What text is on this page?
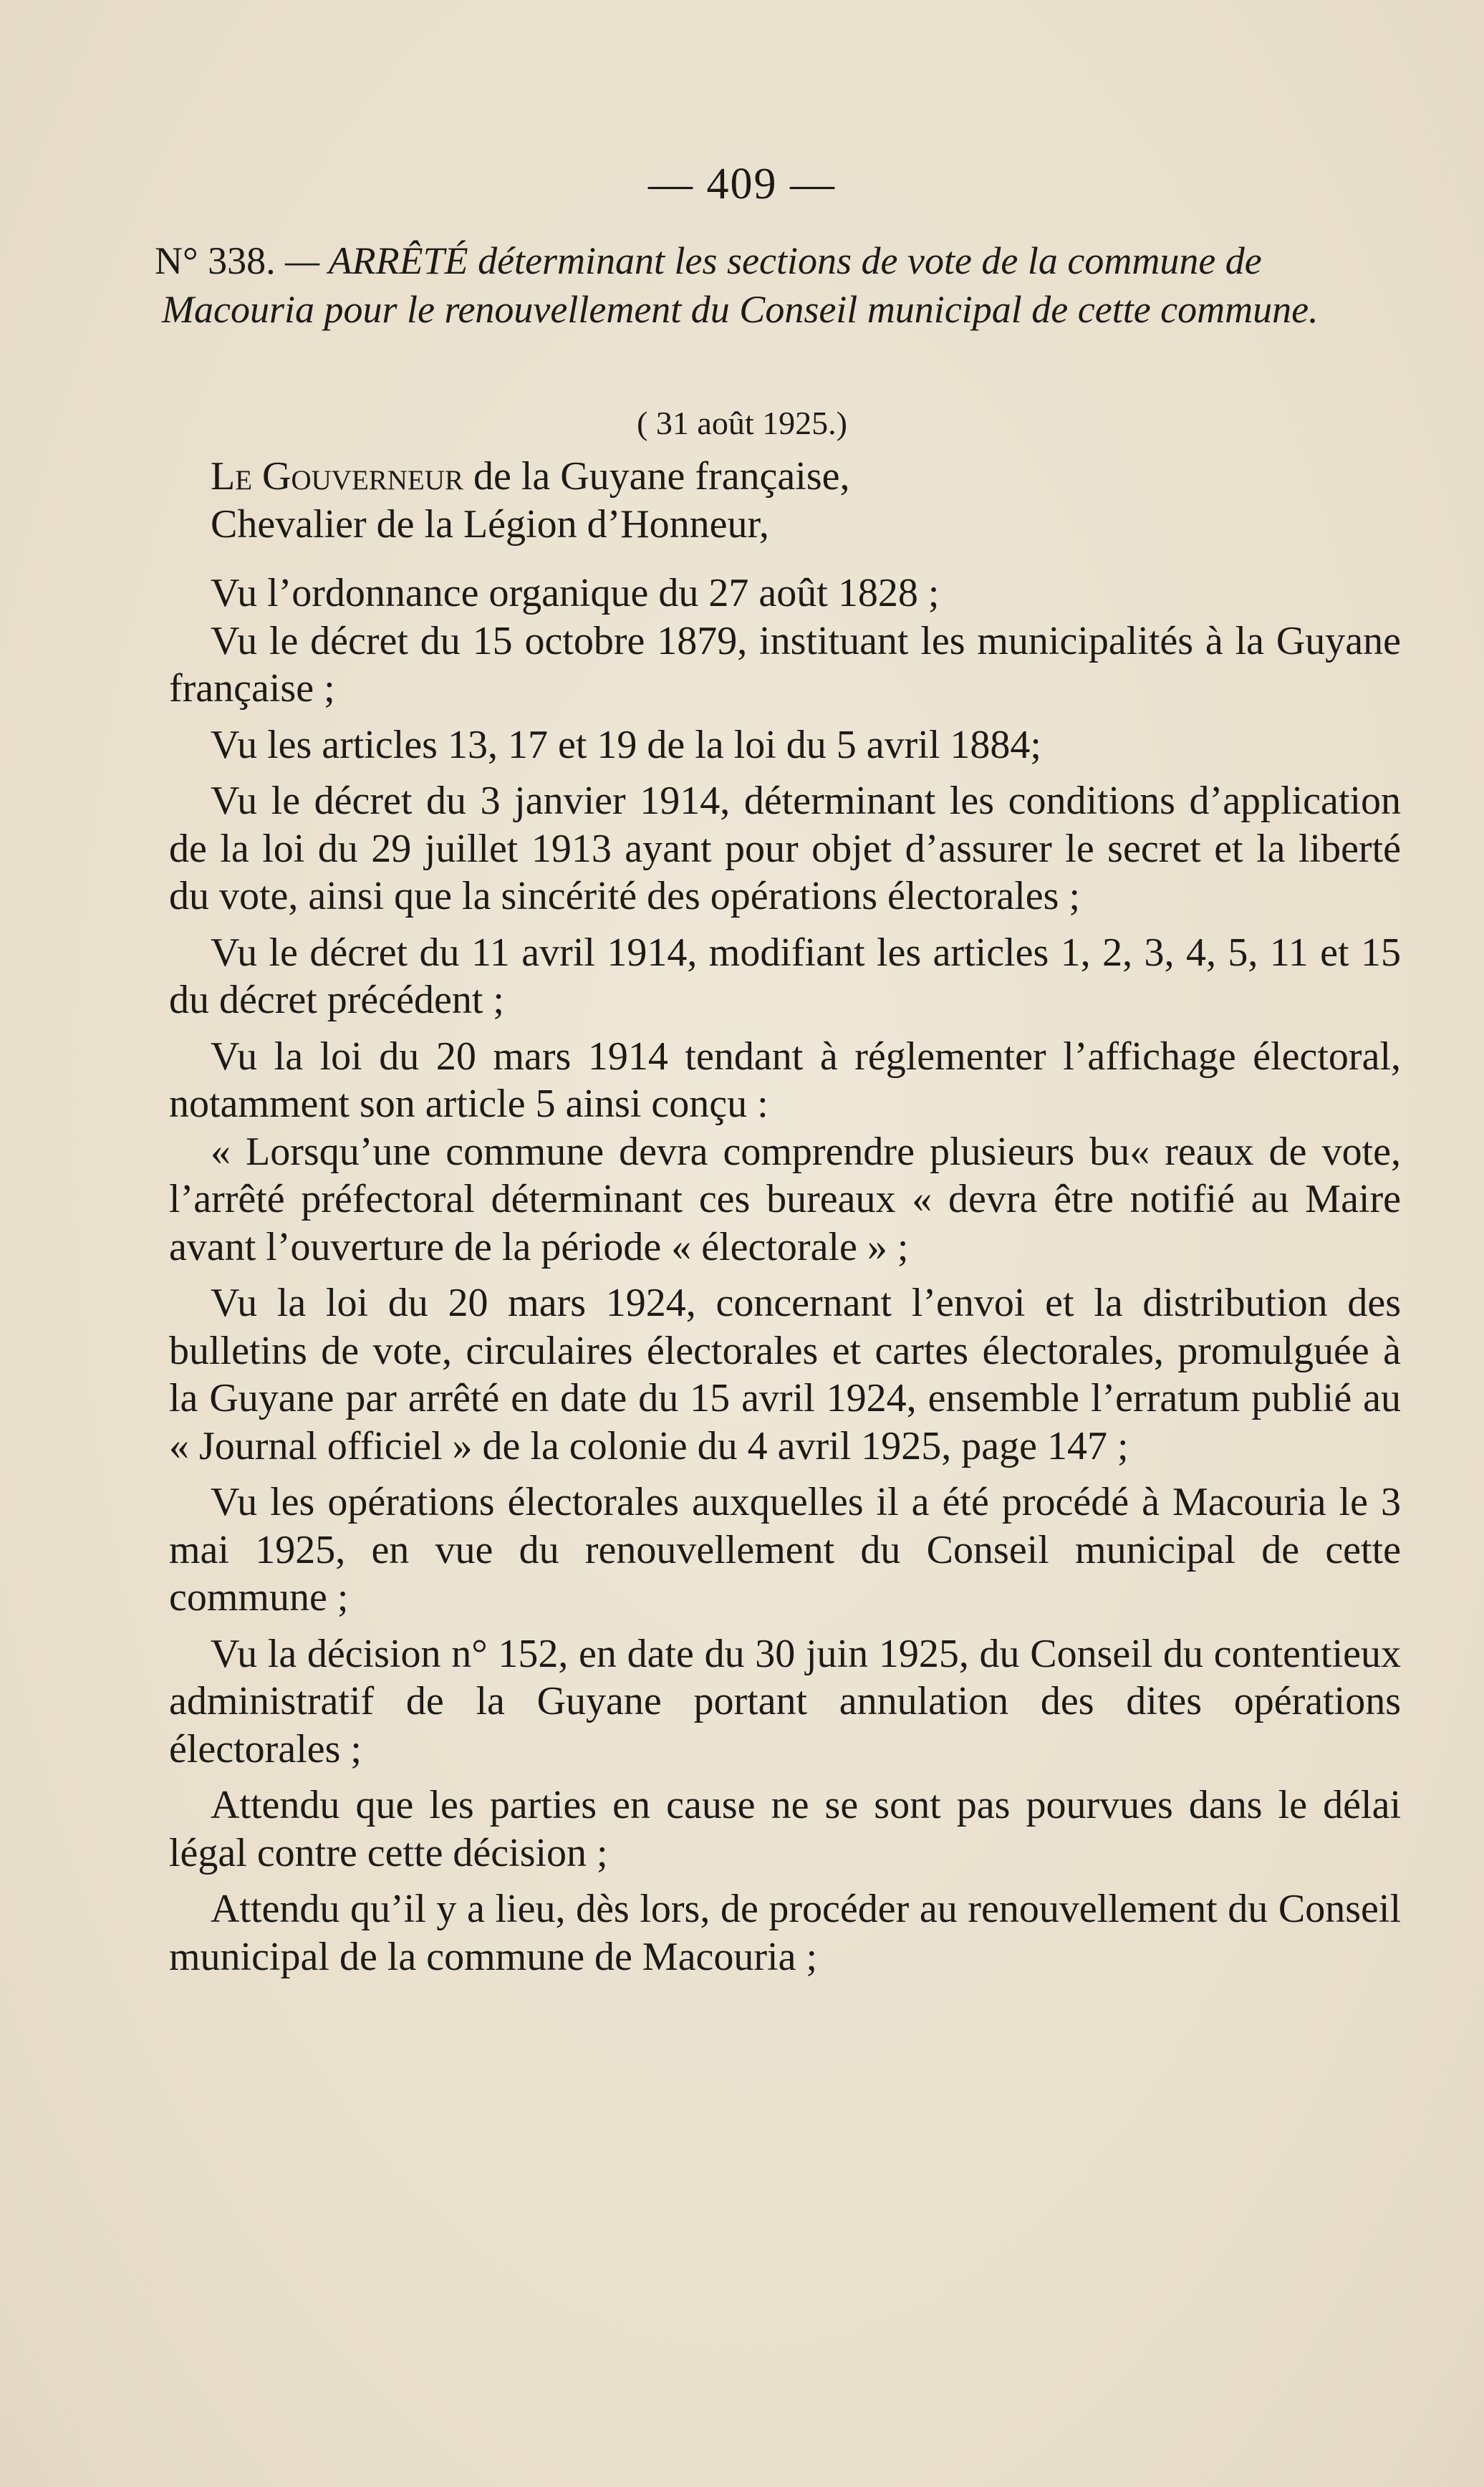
— 409 —
N° 338. — ARRÊTÉ déterminant les sections de vote de la commune de Macouria pour le renouvellement du Conseil municipal de cette commune.
( 31 août 1925.)

Le Gouverneur de la Guyane française,

Chevalier de la Légion d’Honneur,

Vu l’ordonnance organique du 27 août 1828 ;

Vu le décret du 15 octobre 1879, instituant les municipalités à la Guyane française ;

Vu les articles 13, 17 et 19 de la loi du 5 avril 1884;

Vu le décret du 3 janvier 1914, déterminant les conditions d’application de la loi du 29 juillet 1913 ayant pour objet d’assurer le secret et la liberté du vote, ainsi que la sincérité des opérations électorales ;

Vu le décret du 11 avril 1914, modifiant les articles 1, 2, 3, 4, 5, 11 et 15 du décret précédent ;

Vu la loi du 20 mars 1914 tendant à réglementer l’affichage électoral, notamment son article 5 ainsi conçu :

« Lorsqu’une commune devra comprendre plusieurs bu« reaux de vote, l’arrêté préfectoral déterminant ces bureaux « devra être notifié au Maire avant l’ouverture de la période « électorale » ;

Vu la loi du 20 mars 1924, concernant l’envoi et la distribution des bulletins de vote, circulaires électorales et cartes électorales, promulguée à la Guyane par arrêté en date du 15 avril 1924, ensemble l’erratum publié au « Journal officiel » de la colonie du 4 avril 1925, page 147 ;

Vu les opérations électorales auxquelles il a été procédé à Macouria le 3 mai 1925, en vue du renouvellement du Conseil municipal de cette commune ;

Vu la décision n° 152, en date du 30 juin 1925, du Conseil du contentieux administratif de la Guyane portant annulation des dites opérations électorales ;

Attendu que les parties en cause ne se sont pas pourvues dans le délai légal contre cette décision ;

Attendu qu’il y a lieu, dès lors, de procéder au renouvellement du Conseil municipal de la commune de Macouria ;
